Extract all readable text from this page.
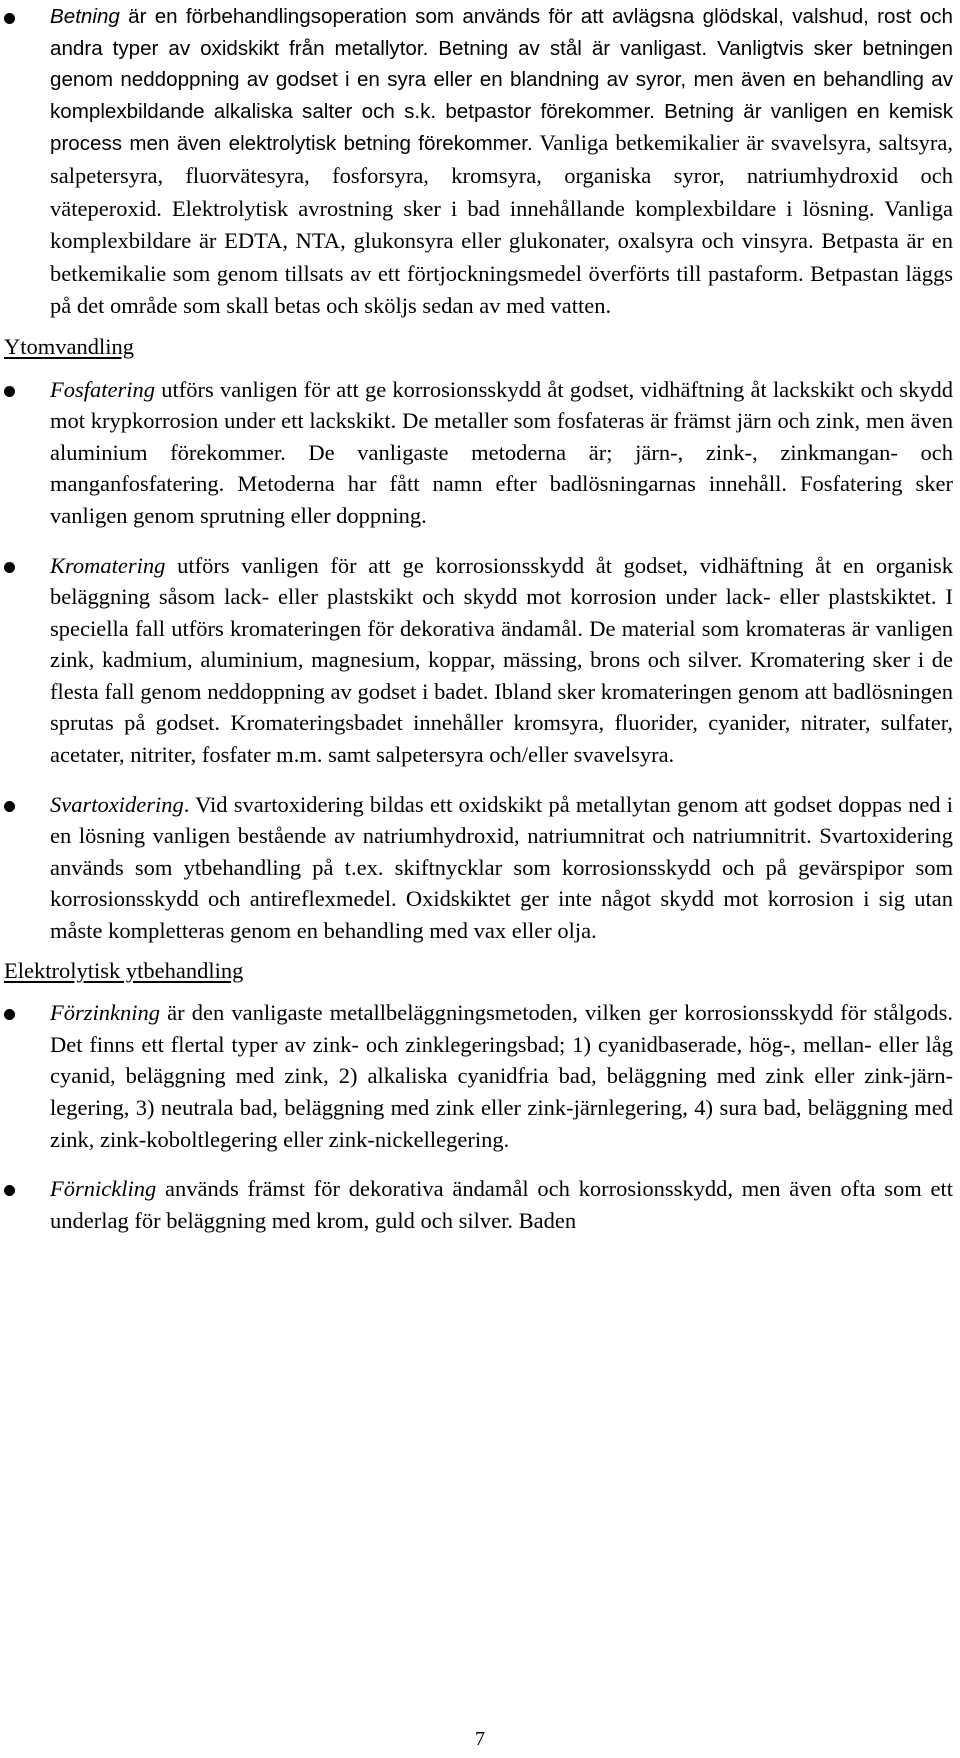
Betning är en förbehandlingsoperation som används för att avlägsna glödskal, valshud, rost och andra typer av oxidskikt från metallytor. Betning av stål är vanligast. Vanligtvis sker betningen genom neddoppning av godset i en syra eller en blandning av syror, men även en behandling av komplexbildande alkaliska salter och s.k. betpastor förekommer. Betning är vanligen en kemisk process men även elektrolytisk betning förekommer. Vanliga betkemikalier är svavelsyra, saltsyra, salpetersyra, fluorvätesyra, fosforsyra, kromsyra, organiska syror, natriumhydroxid och väteperoxid. Elektrolytisk avrostning sker i bad innehållande komplexbildare i lösning. Vanliga komplexbildare är EDTA, NTA, glukonsyra eller glukonater, oxalsyra och vinsyra. Betpasta är en betkemikalie som genom tillsats av ett förtjockningsmedel överförts till pastaform. Betpastan läggs på det område som skall betas och sköljs sedan av med vatten.
Ytomvandling
Fosfatering utförs vanligen för att ge korrosionsskydd åt godset, vidhäftning åt lackskikt och skydd mot krypkorrosion under ett lackskikt. De metaller som fosfateras är främst järn och zink, men även aluminium förekommer. De vanligaste metoderna är; järn-, zink-, zinkmangan- och manganfosfatering. Metoderna har fått namn efter badlösningarnas innehåll. Fosfatering sker vanligen genom sprutning eller doppning.
Kromatering utförs vanligen för att ge korrosionsskydd åt godset, vidhäftning åt en organisk beläggning såsom lack- eller plastskikt och skydd mot korrosion under lack- eller plastskiktet. I speciella fall utförs kromateringen för dekorativa ändamål. De material som kromateras är vanligen zink, kadmium, aluminium, magnesium, koppar, mässing, brons och silver. Kromatering sker i de flesta fall genom neddoppning av godset i badet. Ibland sker kromateringen genom att badlösningen sprutas på godset. Kromateringsbadet innehåller kromsyra, fluorider, cyanider, nitrater, sulfater, acetater, nitriter, fosfater m.m. samt salpetersyra och/eller svavelsyra.
Svartoxidering. Vid svartoxidering bildas ett oxidskikt på metallytan genom att godset doppas ned i en lösning vanligen bestående av natriumhydroxid, natriumnitrat och natriumnitrit. Svartoxidering används som ytbehandling på t.ex. skiftnycklar som korrosionsskydd och på gevärspipor som korrosionsskydd och antireflexmedel. Oxidskiktet ger inte något skydd mot korrosion i sig utan måste kompletteras genom en behandling med vax eller olja.
Elektrolytisk ytbehandling
Förzinkning är den vanligaste metallbeläggningsmetoden, vilken ger korrosionsskydd för stålgods. Det finns ett flertal typer av zink- och zinklegeringsbad; 1) cyanidbaserade, hög-, mellan- eller låg cyanid, beläggning med zink, 2) alkaliska cyanidfria bad, beläggning med zink eller zink-järn-legering, 3) neutrala bad, beläggning med zink eller zink-järnlegering, 4) sura bad, beläggning med zink, zink-koboltlegering eller zink-nickellegering.
Förnickling används främst för dekorativa ändamål och korrosionsskydd, men även ofta som ett underlag för beläggning med krom, guld och silver. Baden
7
